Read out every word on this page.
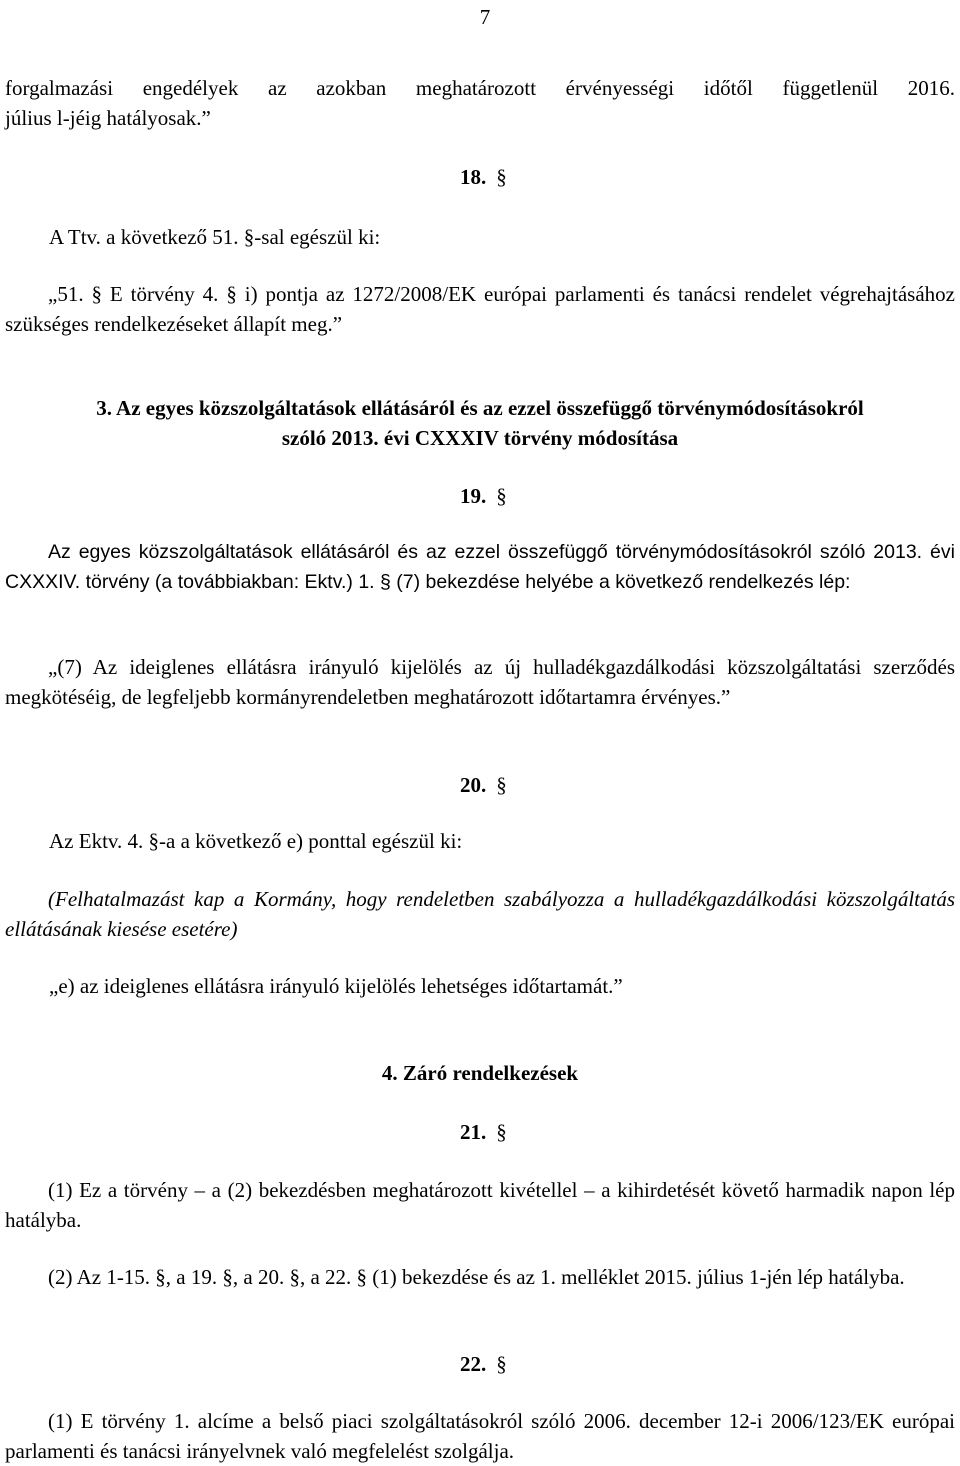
7

forgalmazási engedélyek az azokban meghatározott érvényességi időtől függetlenül 2016.

július l-jéig hatályosak.”

18. §

A Ttv. a következő 51. §-sal egészül ki:

„51. § E törvény 4. § i) pontja az 1272/2008/EK európai parlamenti és tanácsi rendelet végrehajtásához szükséges rendelkezéseket állapít meg.”

3. Az egyes közszolgáltatások ellátásáról és az ezzel összefüggő törvénymódosításokról

szóló 2013. évi CXXXIV törvény módosítása

19. §

Az egyes közszolgáltatások ellátásáról és az ezzel összefüggő törvénymódosításokról szóló 2013. évi CXXXIV. törvény (a továbbiakban: Ektv.) 1. § (7) bekezdése helyébe a következő rendelkezés lép:

„(7) Az ideiglenes ellátásra irányuló kijelölés az új hulladékgazdálkodási közszolgáltatási szerződés megkötéséig, de legfeljebb kormányrendeletben meghatározott időtartamra érvényes.”

20. §

Az Ektv. 4. §-a a következő e) ponttal egészül ki:

(Felhatalmazást kap a Kormány, hogy rendeletben szabályozza a hulladékgazdálkodási közszolgáltatás ellátásának kiesése esetére)

„e) az ideiglenes ellátásra irányuló kijelölés lehetséges időtartamát.”

4. Záró rendelkezések

21. §

(1) Ez a törvény – a (2) bekezdésben meghatározott kivétellel – a kihirdetését követő harmadik napon lép hatályba.

(2) Az 1-15. §, a 19. §, a 20. §, a 22. § (1) bekezdése és az 1. melléklet 2015. július 1-jén lép hatályba.

22. §

(1) E törvény 1. alcíme a belső piaci szolgáltatásokról szóló 2006. december 12-i 2006/123/EK európai parlamenti és tanácsi irányelvnek való megfelelést szolgálja.
